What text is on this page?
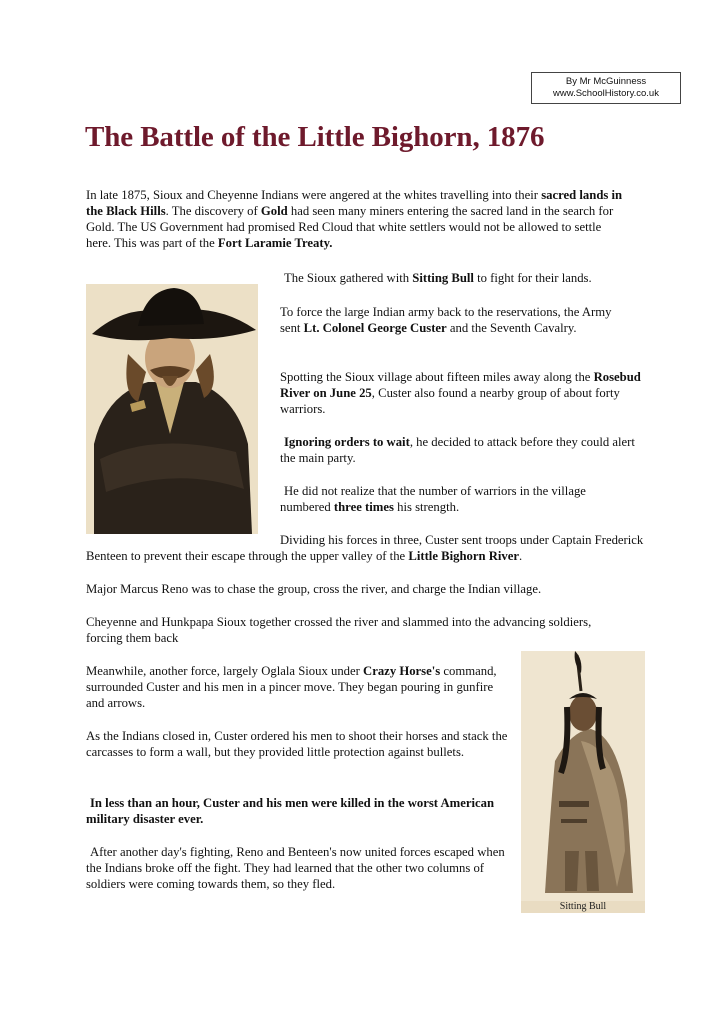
By Mr McGuinness
www.SchoolHistory.co.uk
The Battle of the Little Bighorn, 1876

In late 1875, Sioux and Cheyenne Indians were angered at the whites travelling into their sacred lands in the Black Hills. The discovery of Gold had seen many miners entering the sacred land in the search for Gold. The US Government had promised Red Cloud that white settlers would not be allowed to settle here. This was part of the Fort Laramie Treaty.

The Sioux gathered with Sitting Bull to fight for their lands.

To force the large Indian army back to the reservations, the Army sent Lt. Colonel George Custer and the Seventh Cavalry.

Spotting the Sioux village about fifteen miles away along the Rosebud River on June 25, Custer also found a nearby group of about forty warriors.

Ignoring orders to wait, he decided to attack before they could alert the main party.

He did not realize that the number of warriors in the village numbered three times his strength.

Dividing his forces in three, Custer sent troops under Captain Frederick Benteen to prevent their escape through the upper valley of the Little Bighorn River.

Major Marcus Reno was to chase the group, cross the river, and charge the Indian village.

Cheyenne and Hunkpapa Sioux together crossed the river and slammed into the advancing soldiers, forcing them back

Sitting Bull

Meanwhile, another force, largely Oglala Sioux under Crazy Horse's command, surrounded Custer and his men in a pincer move. They began pouring in gunfire and arrows.

As the Indians closed in, Custer ordered his men to shoot their horses and stack the carcasses to form a wall, but they provided little protection against bullets.

In less than an hour, Custer and his men were killed in the worst American military disaster ever.

After another day's fighting, Reno and Benteen's now united forces escaped when the Indians broke off the fight. They had learned that the other two columns of soldiers were coming towards them, so they fled.
